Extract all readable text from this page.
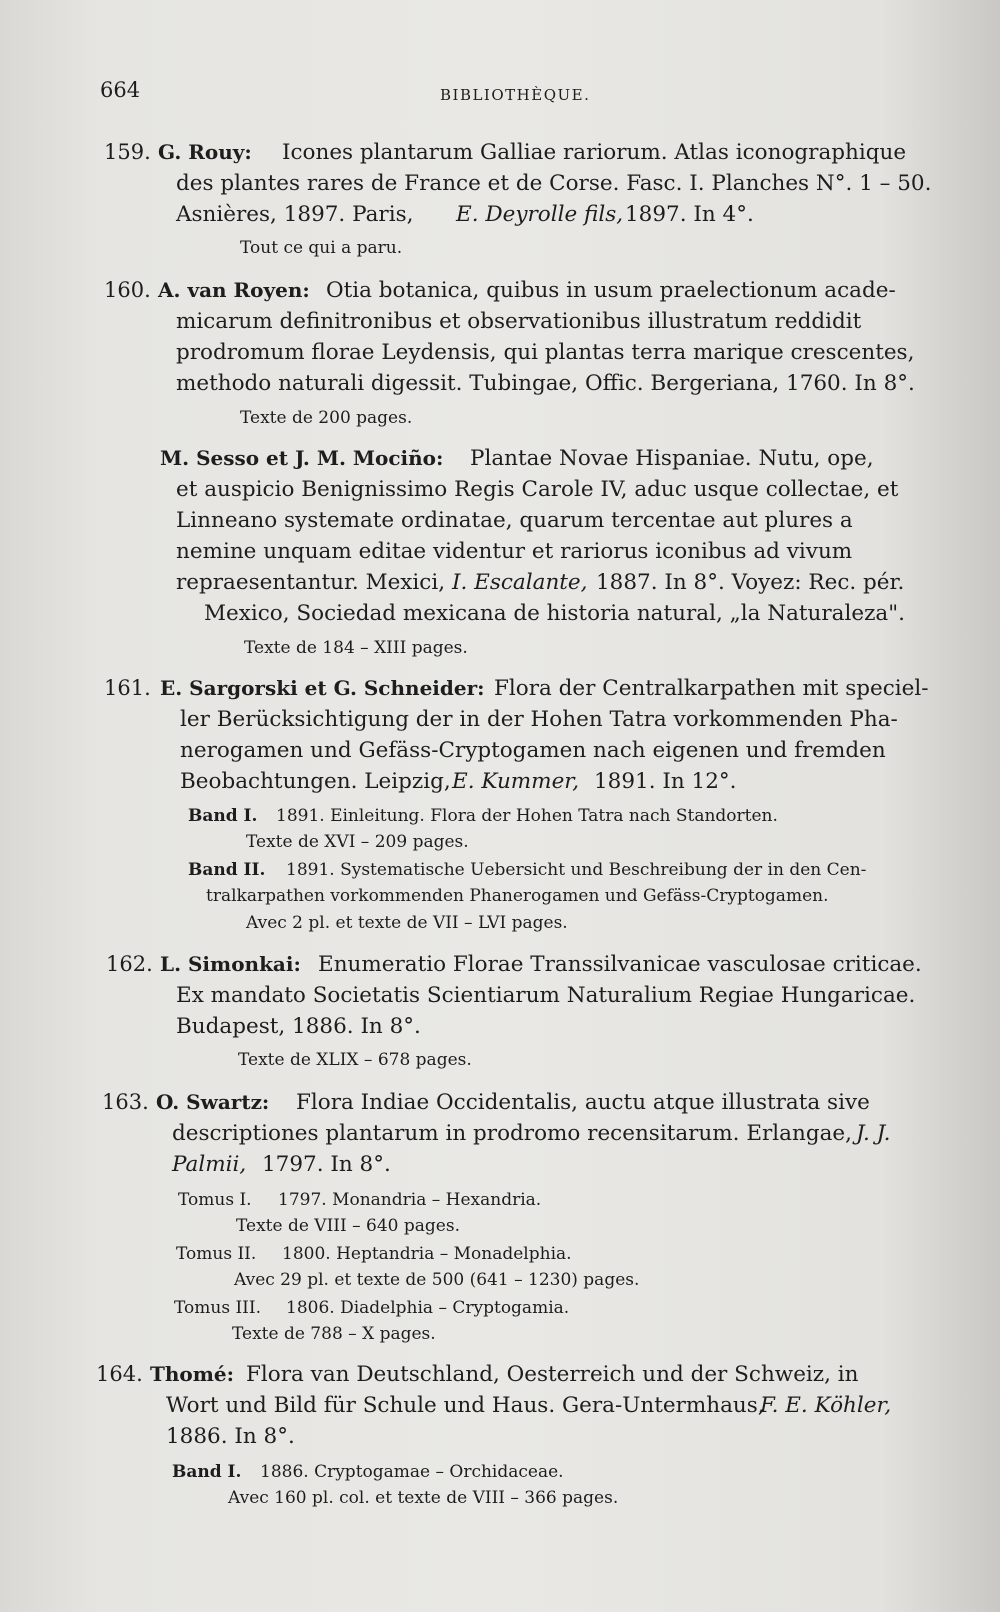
664	BIBLIOTHÈQUE.
159. G. Rouy: Icones plantarum Galliae rariorum. Atlas iconographique
des plantes rares de France et de Corse. Fasc. I. Planches N°. 1 – 50.
Asnières, 1897. Paris, E. Deyrolle fils, 1897. In 4°.
Tout ce qui a paru.
160. A. van Royen: Otia botanica, quibus in usum praelectionum acade-
micarum definitronibus et observationibus illustratum reddidit
prodromum florae Leydensis, qui plantas terra marique crescentes,
methodo naturali digessit. Tubingae, Offic. Bergeriana, 1760. In 8°.
Texte de 200 pages.
M. Sesso et J. M. Mociño: Plantae Novae Hispaniae. Nutu, ope,
et auspicio Benignissimo Regis Carole IV, aduc usque collectae, et
Linneano systemate ordinatae, quarum tercentae aut plures a
nemine unquam editae videntur et rariorus iconibus ad vivum
repraesentantur. Mexici, I. Escalante, 1887. In 8°. Voyez: Rec. pér.
Mexico, Sociedad mexicana de historia natural, „la Naturaleza".
Texte de 184 – XIII pages.
161. E. Sargorski et G. Schneider: Flora der Centralkarpathen mit speciel-
ler Berücksichtigung der in der Hohen Tatra vorkommenden Pha-
nerogamen und Gefäss-Cryptogamen nach eigenen und fremden
Beobachtungen. Leipzig, E. Kummer, 1891. In 12°.
Band I. 1891. Einleitung. Flora der Hohen Tatra nach Standorten.
Texte de XVI – 209 pages.
Band II. 1891. Systematische Uebersicht und Beschreibung der in den Cen-
tralkarpathen vorkommenden Phanerogamen und Gefäss-Cryptogamen.
Avec 2 pl. et texte de VII – LVI pages.
162. L. Simonkai: Enumeratio Florae Transsilvanicae vasculosae criticae.
Ex mandato Societatis Scientiarum Naturalium Regiae Hungaricae.
Budapest, 1886. In 8°.
Texte de XLIX – 678 pages.
163. O. Swartz: Flora Indiae Occidentalis, auctu atque illustrata sive
descriptiones plantarum in prodromo recensitarum. Erlangae, J. J.
Palmii, 1797. In 8°.
Tomus I. 1797. Monandria – Hexandria.
Texte de VIII – 640 pages.
Tomus II. 1800. Heptandria – Monadelphia.
Avec 29 pl. et texte de 500 (641 – 1230) pages.
Tomus III. 1806. Diadelphia – Cryptogamia.
Texte de 788 – X pages.
164. Thomé: Flora van Deutschland, Oesterreich und der Schweiz, in
Wort und Bild für Schule und Haus. Gera-Untermhaus,
F. E. Köhler,
1886. In 8°.
Band I. 1886. Cryptogamae – Orchidaceae.
Avec 160 pl. col. et texte de VIII – 366 pages.
